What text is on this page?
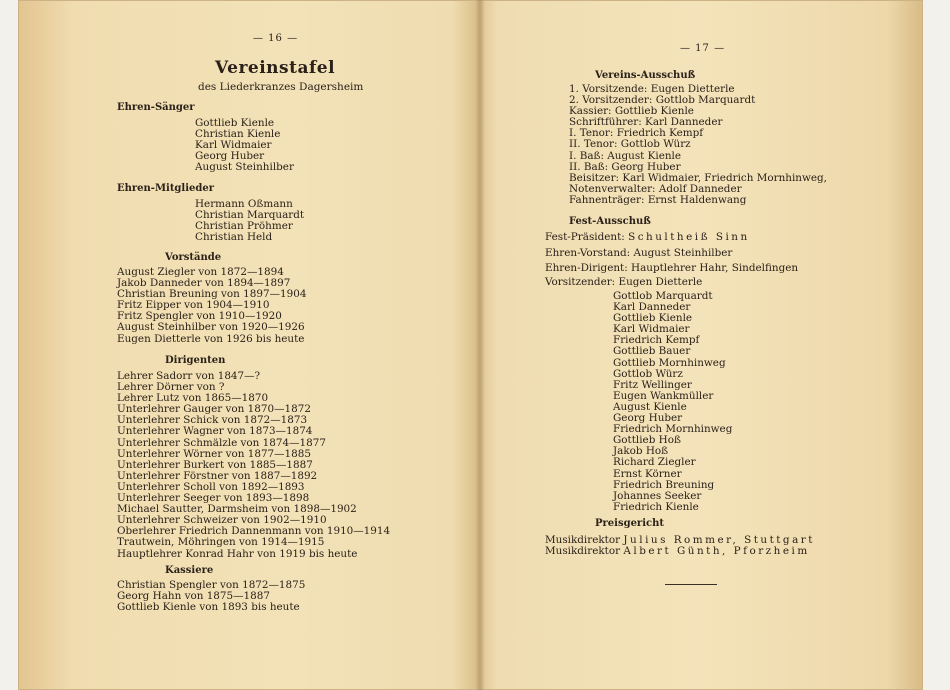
— 16 —
Vereinstafel
des Liederkranzes Dagersheim
Ehren-Sänger
Gottlieb Kienle
Christian Kienle
Karl Widmaier
Georg Huber
August Steinhilber
Ehren-Mitglieder
Hermann Oßmann
Christian Marquardt
Christian Pröhmer
Christian Held
Vorstände
August Ziegler von 1872—1894
Jakob Danneder von 1894—1897
Christian Breuning von 1897—1904
Fritz Eipper von 1904—1910
Fritz Spengler von 1910—1920
August Steinhilber von 1920—1926
Eugen Dietterle von 1926 bis heute
Dirigenten
Lehrer Sadorr von 1847—?
Lehrer Dörner von ?
Lehrer Lutz von 1865—1870
Unterlehrer Gauger von 1870—1872
Unterlehrer Schick von 1872—1873
Unterlehrer Wagner von 1873—1874
Unterlehrer Schmälzle von 1874—1877
Unterlehrer Wörner von 1877—1885
Unterlehrer Burkert von 1885—1887
Unterlehrer Förstner von 1887—1892
Unterlehrer Scholl von 1892—1893
Unterlehrer Seeger von 1893—1898
Michael Sautter, Darmsheim von 1898—1902
Unterlehrer Schweizer von 1902—1910
Oberlehrer Friedrich Dannenmann von 1910—1914
Trautwein, Möhringen von 1914—1915
Hauptlehrer Konrad Hahr von 1919 bis heute
Kassiere
Christian Spengler von 1872—1875
Georg Hahn von 1875—1887
Gottlieb Kienle von 1893 bis heute
— 17 —
Vereins-Ausschuß
1. Vorsitzende: Eugen Dietterle
2. Vorsitzender: Gottlob Marquardt
Kassier: Gottlieb Kienle
Schriftführer: Karl Danneder
I. Tenor: Friedrich Kempf
II. Tenor: Gottlob Würz
I. Baß: August Kienle
II. Baß: Georg Huber
Beisitzer: Karl Widmaier, Friedrich Mornhinweg,
Notenverwalter: Adolf Danneder
Fahnenträger: Ernst Haldenwang
Fest-Ausschuß
Fest-Präsident: Schultheiß Sinn
Ehren-Vorstand: August Steinhilber
Ehren-Dirigent: Hauptlehrer Hahr, Sindelfingen
Vorsitzender: Eugen Dietterle
Gottlob Marquardt
Karl Danneder
Gottlieb Kienle
Karl Widmaier
Friedrich Kempf
Gottlieb Bauer
Gottlieb Mornhinweg
Gottlob Würz
Fritz Wellinger
Eugen Wankmüller
August Kienle
Georg Huber
Friedrich Mornhinweg
Gottlieb Hoß
Jakob Hoß
Richard Ziegler
Ernst Körner
Friedrich Breuning
Johannes Seeker
Friedrich Kienle
Preisgericht
Musikdirektor Julius Rommer, Stuttgart
Musikdirektor Albert Günth, Pforzheim
